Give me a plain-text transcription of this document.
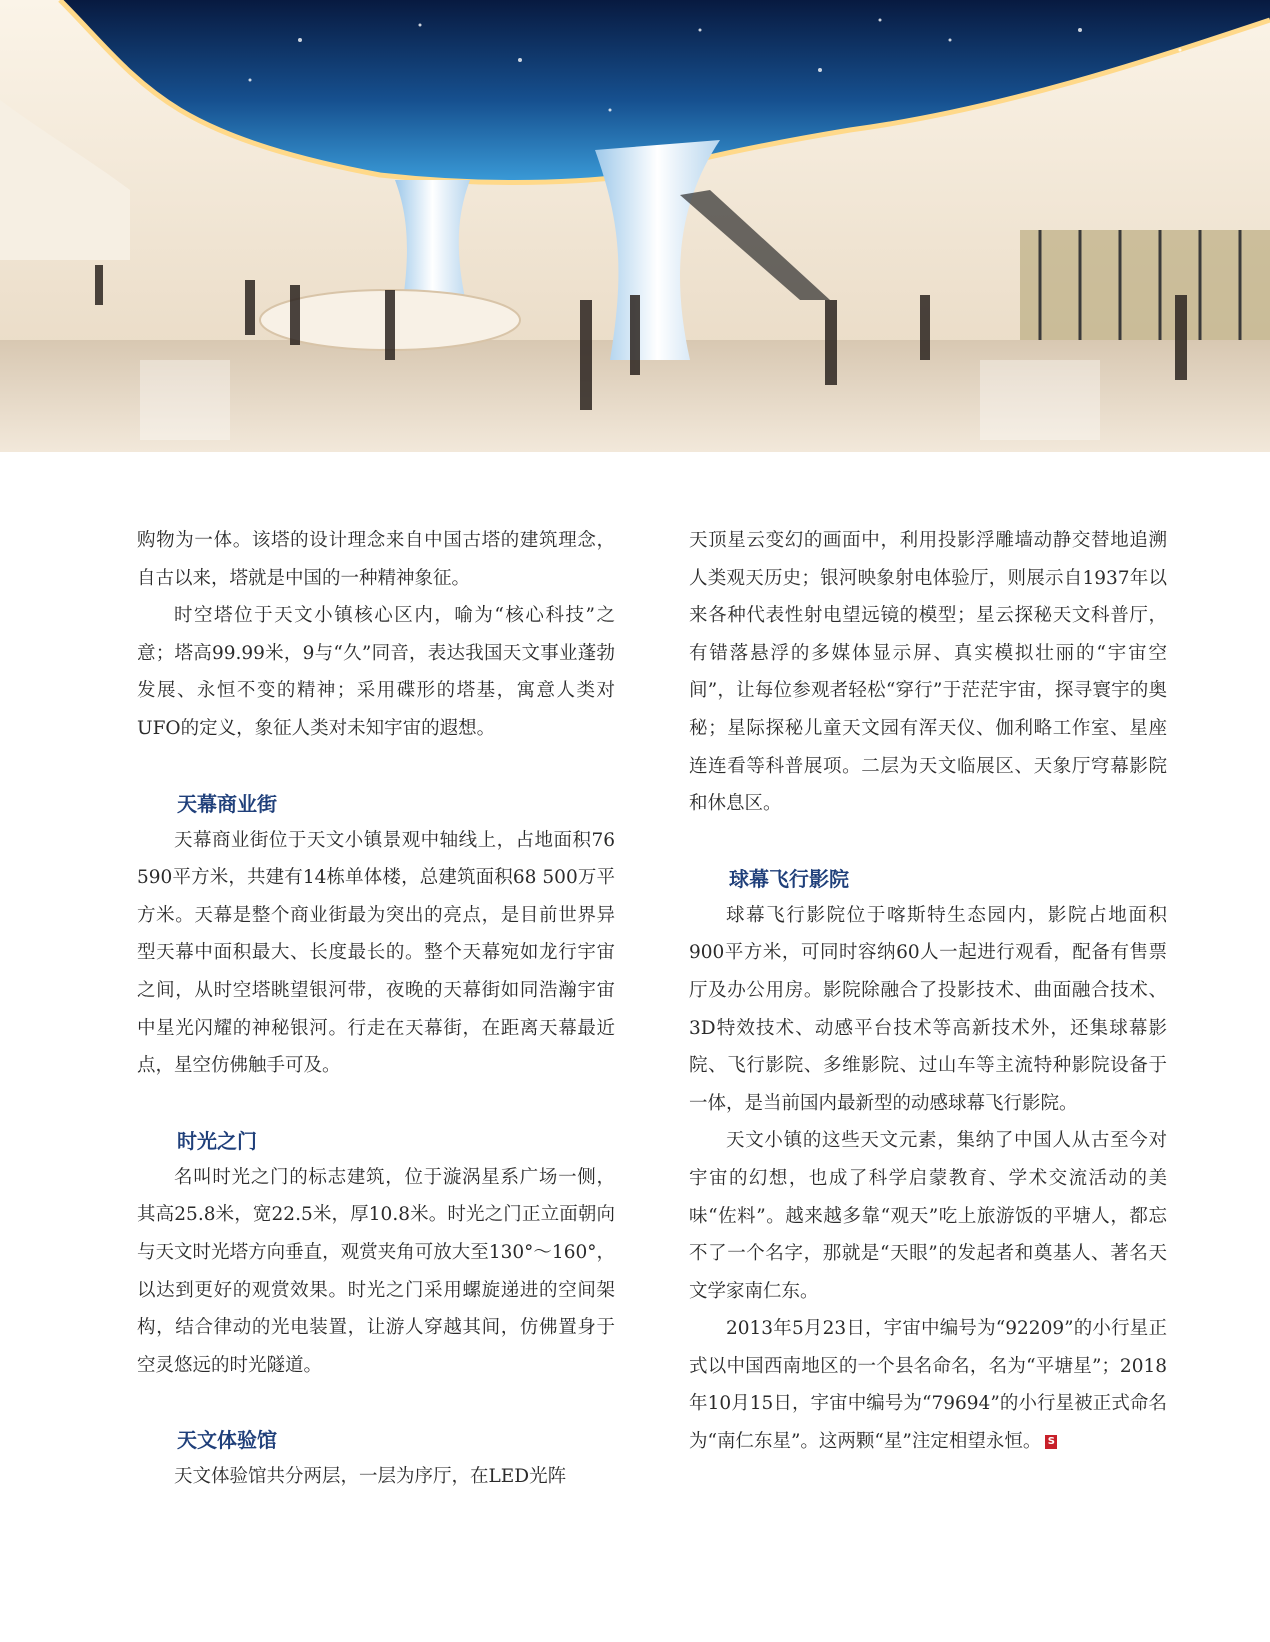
购物为一体。该塔的设计理念来自中国古塔的建筑理念，自古以来，塔就是中国的一种精神象征。

时空塔位于天文小镇核心区内，喻为“核心科技”之意；塔高99.99米，9与“久”同音，表达我国天文事业蓬勃发展、永恒不变的精神；采用碟形的塔基，寓意人类对UFO的定义，象征人类对未知宇宙的遐想。

天幕商业街

天幕商业街位于天文小镇景观中轴线上，占地面积76 590平方米，共建有14栋单体楼，总建筑面积68 500万平方米。天幕是整个商业街最为突出的亮点，是目前世界异型天幕中面积最大、长度最长的。整个天幕宛如龙行宇宙之间，从时空塔眺望银河带，夜晚的天幕街如同浩瀚宇宙中星光闪耀的神秘银河。行走在天幕街，在距离天幕最近点，星空仿佛触手可及。

时光之门

名叫时光之门的标志建筑，位于漩涡星系广场一侧，其高25.8米，宽22.5米，厚10.8米。时光之门正立面朝向与天文时光塔方向垂直，观赏夹角可放大至130°～160°，以达到更好的观赏效果。时光之门采用螺旋递进的空间架构，结合律动的光电装置，让游人穿越其间，仿佛置身于空灵悠远的时光隧道。

天文体验馆

天文体验馆共分两层，一层为序厅，在LED光阵

天顶星云变幻的画面中，利用投影浮雕墙动静交替地追溯人类观天历史；银河映象射电体验厅，则展示自1937年以来各种代表性射电望远镜的模型；星云探秘天文科普厅，有错落悬浮的多媒体显示屏、真实模拟壮丽的“宇宙空间”，让每位参观者轻松“穿行”于茫茫宇宙，探寻寰宇的奥秘；星际探秘儿童天文园有浑天仪、伽利略工作室、星座连连看等科普展项。二层为天文临展区、天象厅穹幕影院和休息区。

球幕飞行影院

球幕飞行影院位于喀斯特生态园内，影院占地面积900平方米，可同时容纳60人一起进行观看，配备有售票厅及办公用房。影院除融合了投影技术、曲面融合技术、3D特效技术、动感平台技术等高新技术外，还集球幕影院、飞行影院、多维影院、过山车等主流特种影院设备于一体，是当前国内最新型的动感球幕飞行影院。

天文小镇的这些天文元素，集纳了中国人从古至今对宇宙的幻想，也成了科学启蒙教育、学术交流活动的美味“佐料”。越来越多靠“观天”吃上旅游饭的平塘人，都忘不了一个名字，那就是“天眼”的发起者和奠基人、著名天文学家南仁东。

2013年5月23日，宇宙中编号为“92209”的小行星正式以中国西南地区的一个县名命名，名为“平塘星”；2018年10月15日，宇宙中编号为“79694”的小行星被正式命名为“南仁东星”。这两颗“星”注定相望永恒。 S
